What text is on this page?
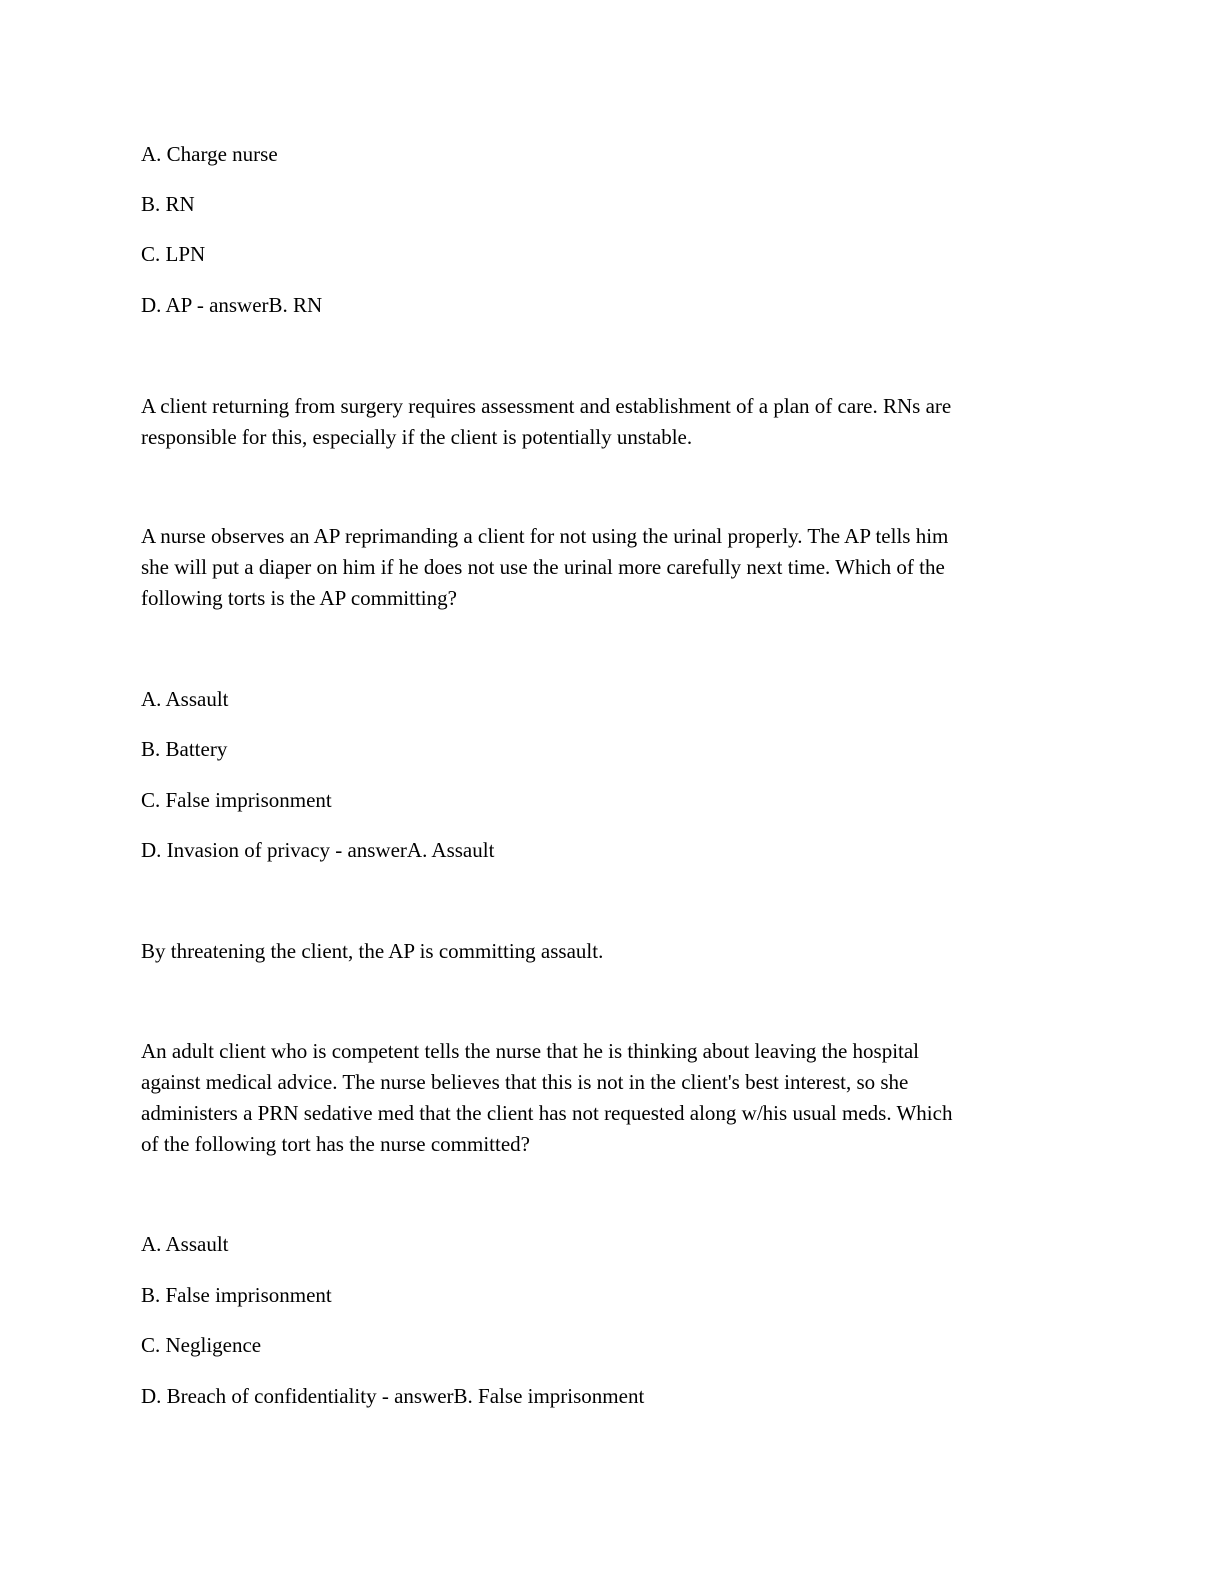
A. Charge nurse
B. RN
C. LPN
D. AP - answerB. RN
A client returning from surgery requires assessment and establishment of a plan of care. RNs are
responsible for this, especially if the client is potentially unstable.
A nurse observes an AP reprimanding a client for not using the urinal properly. The AP tells him
she will put a diaper on him if he does not use the urinal more carefully next time. Which of the
following torts is the AP committing?
A. Assault
B. Battery
C. False imprisonment
D. Invasion of privacy - answerA. Assault
By threatening the client, the AP is committing assault.
An adult client who is competent tells the nurse that he is thinking about leaving the hospital
against medical advice. The nurse believes that this is not in the client's best interest, so she
administers a PRN sedative med that the client has not requested along w/his usual meds. Which
of the following tort has the nurse committed?
A. Assault
B. False imprisonment
C. Negligence
D. Breach of confidentiality - answerB. False imprisonment
